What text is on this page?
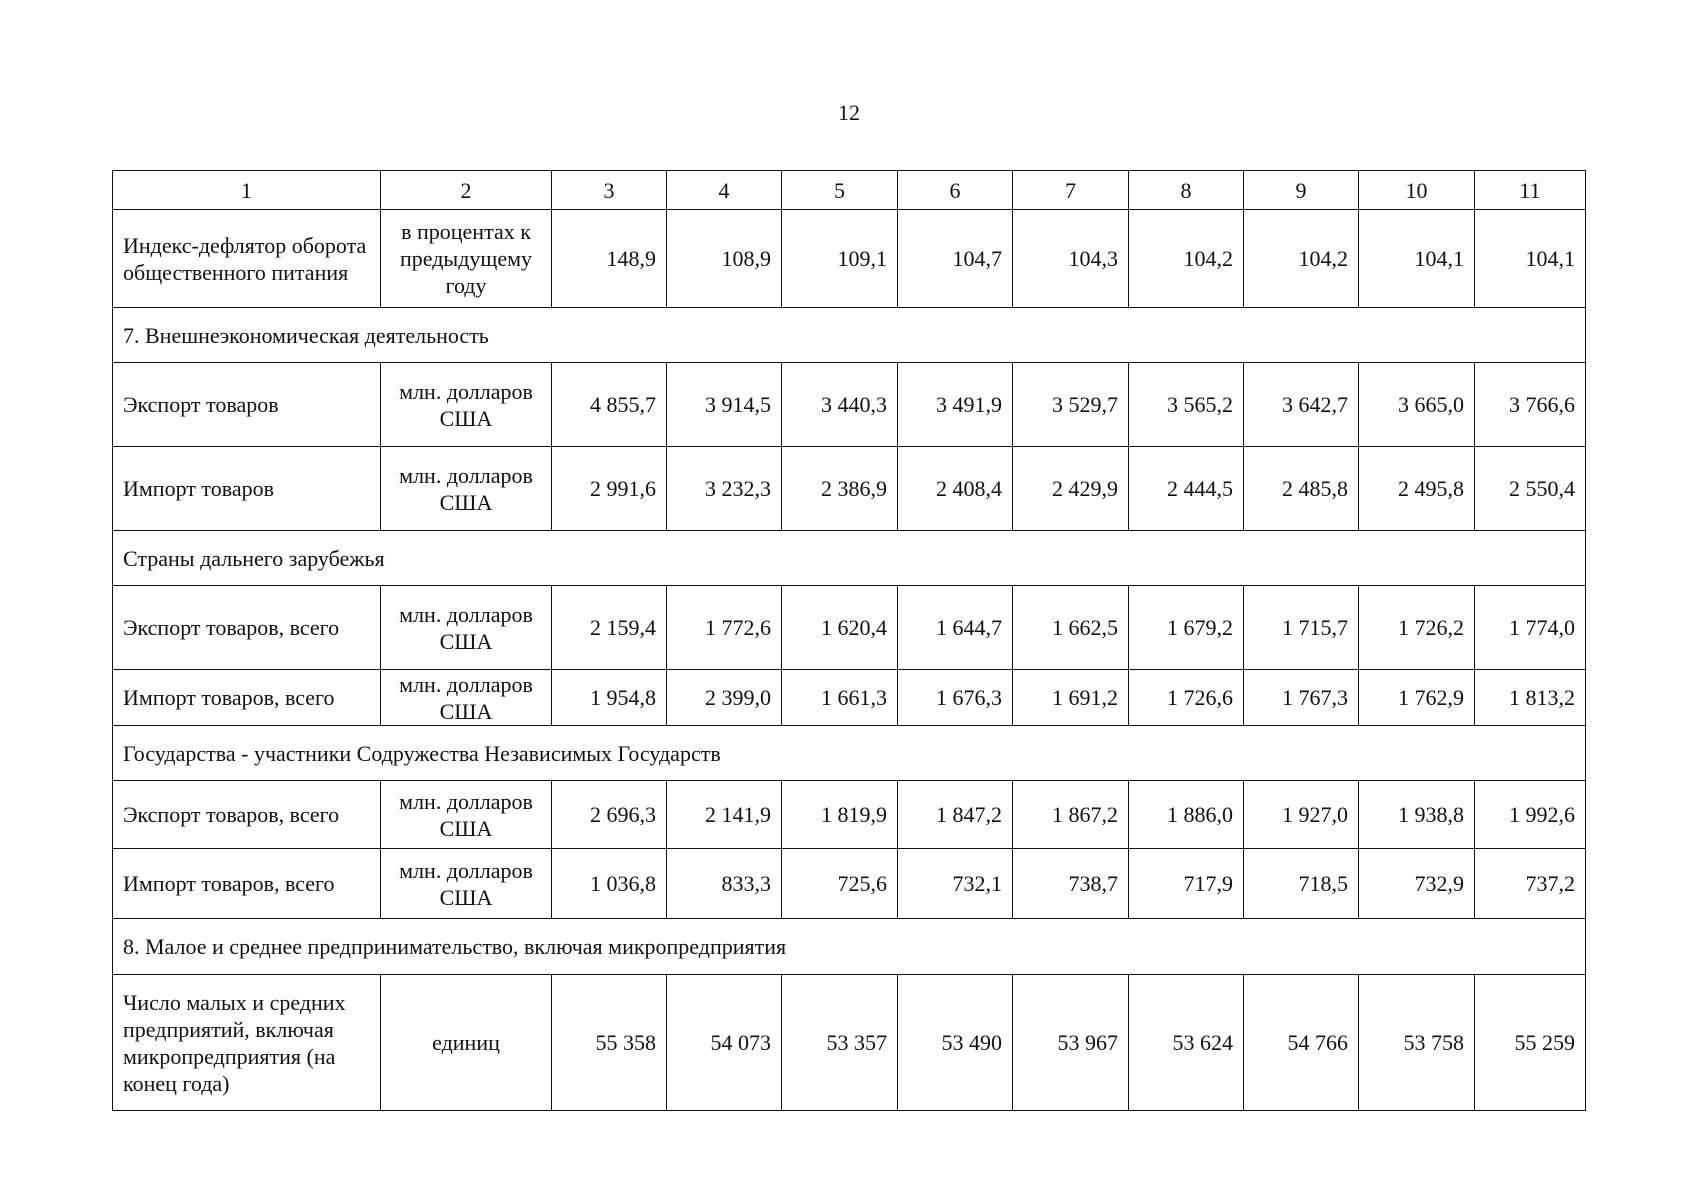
12
1	2	3	4	5	6	7	8	9	10	11
Индекс-дефлятор оборота общественного питания	в процентах к предыдущему году	148,9	108,9	109,1	104,7	104,3	104,2	104,2	104,1	104,1
7. Внешнеэкономическая деятельность										
Экспорт товаров	млн. долларов США	4 855,7	3 914,5	3 440,3	3 491,9	3 529,7	3 565,2	3 642,7	3 665,0	3 766,6
Импорт товаров	млн. долларов США	2 991,6	3 232,3	2 386,9	2 408,4	2 429,9	2 444,5	2 485,8	2 495,8	2 550,4
Страны дальнего зарубежья										
Экспорт товаров, всего	млн. долларов США	2 159,4	1 772,6	1 620,4	1 644,7	1 662,5	1 679,2	1 715,7	1 726,2	1 774,0
Импорт товаров, всего	млн. долларов США	1 954,8	2 399,0	1 661,3	1 676,3	1 691,2	1 726,6	1 767,3	1 762,9	1 813,2
Государства - участники Содружества Независимых Государств										
Экспорт товаров, всего	млн. долларов США	2 696,3	2 141,9	1 819,9	1 847,2	1 867,2	1 886,0	1 927,0	1 938,8	1 992,6
Импорт товаров, всего	млн. долларов США	1 036,8	833,3	725,6	732,1	738,7	717,9	718,5	732,9	737,2
8. Малое и среднее предпринимательство, включая микропредприятия										
Число малых и средних предприятий, включая микропредприятия (на конец года)	единиц	55 358	54 073	53 357	53 490	53 967	53 624	54 766	53 758	55 259
